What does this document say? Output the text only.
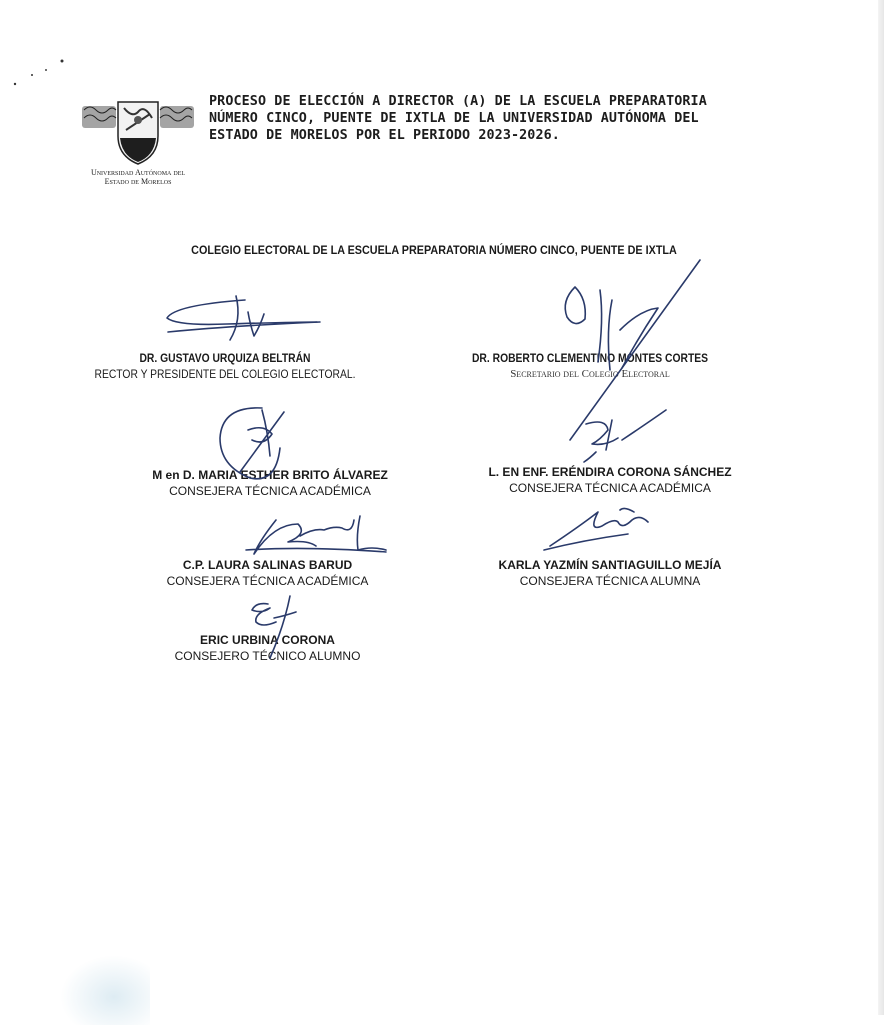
Universidad Autónoma del
Estado de Morelos
PROCESO DE ELECCIÓN A DIRECTOR (A) DE LA ESCUELA PREPARATORIA
NÚMERO CINCO, PUENTE DE IXTLA DE LA UNIVERSIDAD AUTÓNOMA DEL
ESTADO DE MORELOS POR EL PERIODO 2023-2026.
COLEGIO ELECTORAL DE LA ESCUELA PREPARATORIA NÚMERO CINCO, PUENTE DE IXTLA
DR. GUSTAVO URQUIZA BELTRÁN
RECTOR Y PRESIDENTE DEL COLEGIO ELECTORAL.
DR. ROBERTO CLEMENTINO MONTES CORTES
Secretario del Colegio Electoral
M en D. MARIA ESTHER BRITO ÁLVAREZ
CONSEJERA TÉCNICA ACADÉMICA
L. EN ENF. ERÉNDIRA CORONA SÁNCHEZ
CONSEJERA TÉCNICA ACADÉMICA
C.P. LAURA SALINAS BARUD
CONSEJERA TÉCNICA ACADÉMICA
KARLA YAZMÍN SANTIAGUILLO MEJÍA
CONSEJERA TÉCNICA ALUMNA
ERIC URBINA CORONA
CONSEJERO TÉCNICO ALUMNO
